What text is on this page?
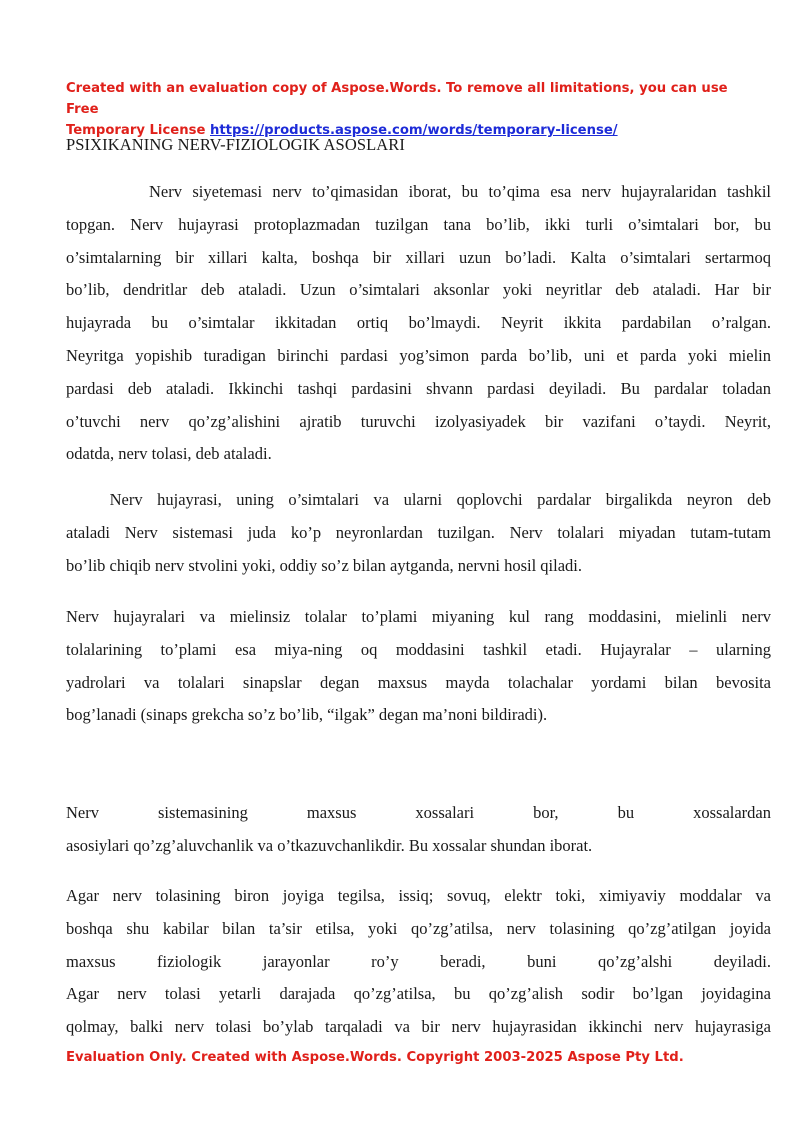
Created with an evaluation copy of Aspose.Words. To remove all limitations, you can use Free
Temporary License https://products.aspose.com/words/temporary-license/
PSIXIKANING NERV-FIZIOLOGIK ASOSLARI
Nerv siyetemasi nerv to’qimasidan iborat, bu to’qima esa nerv hujayralaridan tashkil
topgan. Nerv hujayrasi protoplazmadan tuzilgan tana bo’lib, ikki turli o’simtalari bor, bu
o’simtalarning bir xillari kalta, boshqa bir xillari uzun bo’ladi. Kalta o’simtalari sertarmoq
bo’lib, dendritlar deb ataladi. Uzun o’simtalari aksonlar yoki neyritlar deb ataladi. Har bir
hujayrada bu o’simtalar ikkitadan ortiq bo’lmaydi. Neyrit ikkita pardabilan o’ralgan.
Neyritga yopishib turadigan birinchi pardasi yog’simon parda bo’lib, uni et parda yoki mielin
pardasi deb ataladi. Ikkinchi tashqi pardasini shvann pardasi deyiladi. Bu pardalar toladan
o’tuvchi nerv qo’zg’alishini ajratib turuvchi izolyasiyadek bir vazifani o’taydi. Neyrit,
odatda, nerv tolasi, deb ataladi.
Nerv hujayrasi, uning o’simtalari va ularni qoplovchi pardalar birgalikda neyron deb
ataladi Nerv sistemasi juda ko’p neyronlardan tuzilgan. Nerv tolalari miyadan tutam-tutam
bo’lib chiqib nerv stvolini yoki, oddiy so’z bilan aytganda, nervni hosil qiladi.
Nerv hujayralari va mielinsiz tolalar to’plami miyaning kul rang moddasini, mielinli nerv
tolalarining to’plami esa miya-ning oq moddasini tashkil etadi. Hujayralar – ularning
yadrolari va tolalari sinapslar degan maxsus mayda tolachalar yordami bilan bevosita
bog’lanadi (sinaps grekcha so’z bo’lib, “ilgak” degan ma’noni bildiradi).
Nerv sistemasining maxsus xossalari bor, bu xossalardan
asosiylari qo’zg’aluvchanlik va o’tkazuvchanlikdir. Bu xossalar shundan iborat.
Agar nerv tolasining biron joyiga tegilsa, issiq; sovuq, elektr toki, ximiyaviy moddalar va
boshqa shu kabilar bilan ta’sir etilsa, yoki qo’zg’atilsa, nerv tolasining qo’zg’atilgan joyida
maxsus fiziologik jarayonlar ro’y beradi, buni qo’zg’alshi deyiladi.
Agar nerv tolasi yetarli darajada qo’zg’atilsa, bu qo’zg’alish sodir bo’lgan joyidagina
qolmay, balki nerv tolasi bo’ylab tarqaladi va bir nerv hujayrasidan ikkinchi nerv hujayrasiga
Evaluation Only. Created with Aspose.Words. Copyright 2003-2025 Aspose Pty Ltd.
